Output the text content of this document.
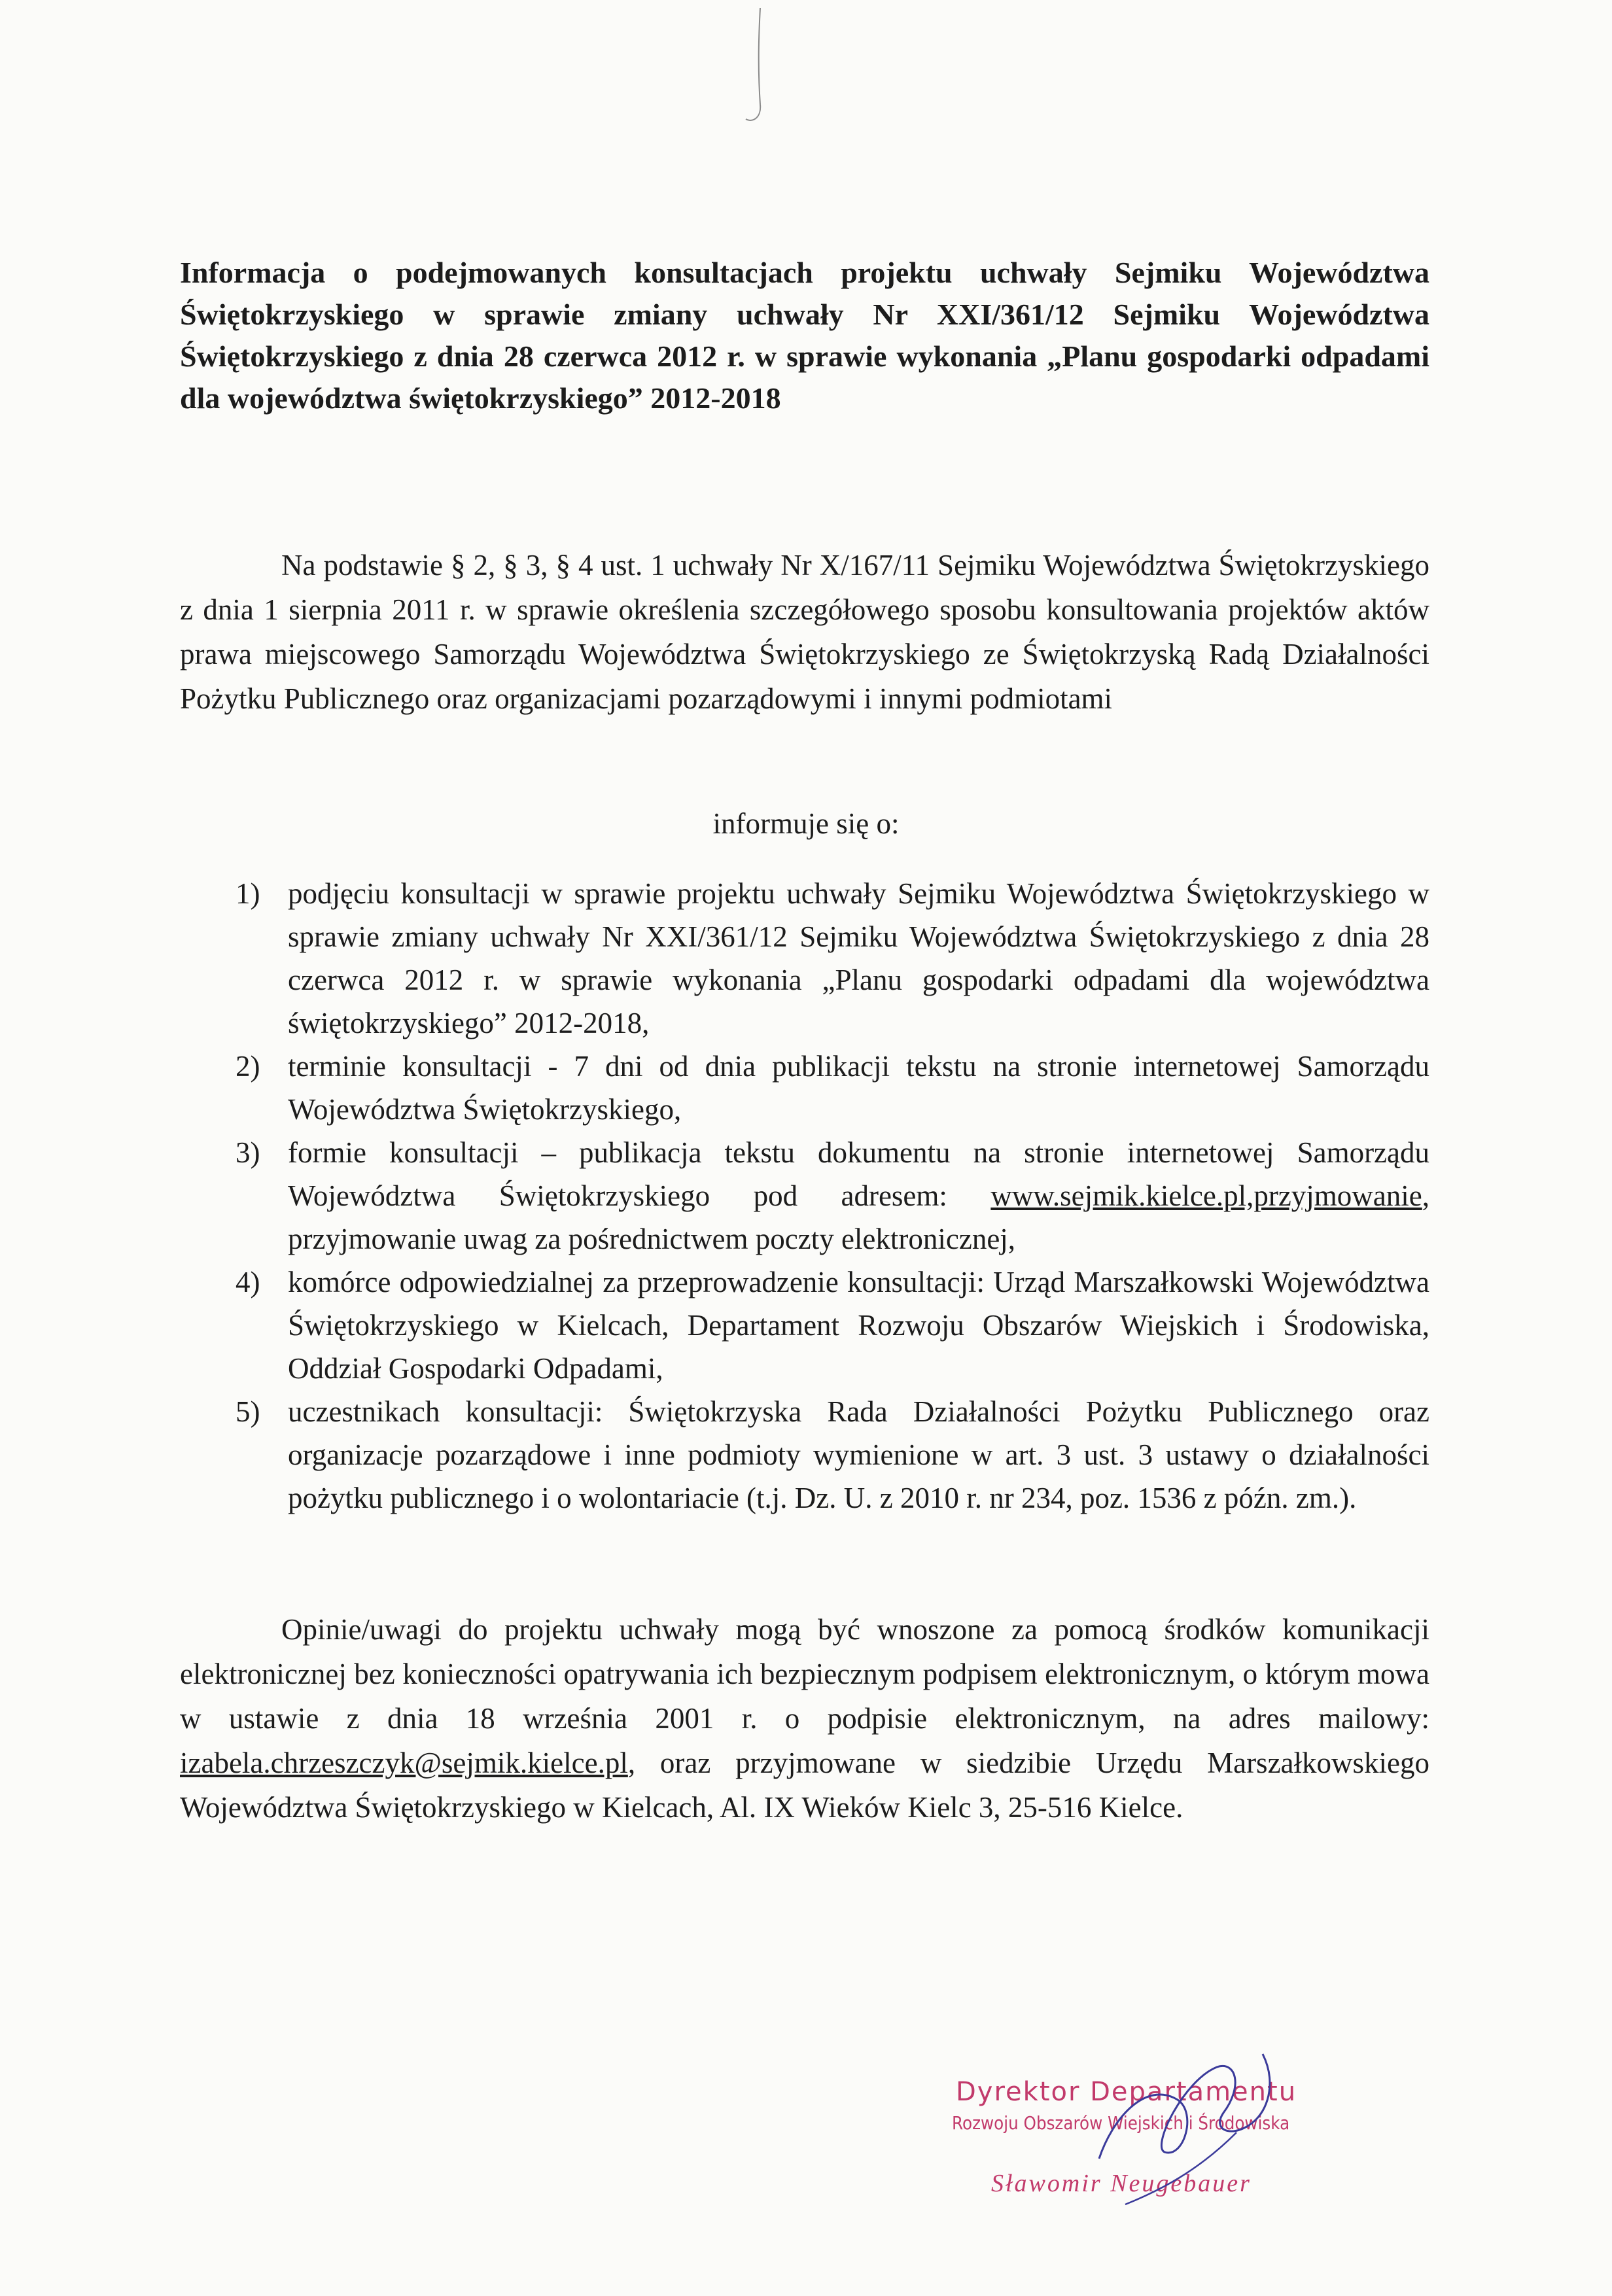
Informacja o podejmowanych konsultacjach projektu uchwały Sejmiku Województwa Świętokrzyskiego w sprawie zmiany uchwały Nr XXI/361/12 Sejmiku Województwa Świętokrzyskiego z dnia 28 czerwca 2012 r. w sprawie wykonania „Planu gospodarki odpadami dla województwa świętokrzyskiego” 2012-2018

Na podstawie § 2, § 3, § 4 ust. 1 uchwały Nr X/167/11 Sejmiku Województwa Świętokrzyskiego z dnia 1 sierpnia 2011 r. w sprawie określenia szczegółowego sposobu konsultowania projektów aktów prawa miejscowego Samorządu Województwa Świętokrzyskiego ze Świętokrzyską Radą Działalności Pożytku Publicznego oraz organizacjami pozarządowymi i innymi podmiotami

informuje się o:

1) podjęciu konsultacji w sprawie projektu uchwały Sejmiku Województwa Świętokrzyskiego w sprawie zmiany uchwały Nr XXI/361/12 Sejmiku Województwa Świętokrzyskiego z dnia 28 czerwca 2012 r. w sprawie wykonania „Planu gospodarki odpadami dla województwa świętokrzyskiego” 2012-2018,
2) terminie konsultacji - 7 dni od dnia publikacji tekstu na stronie internetowej Samorządu Województwa Świętokrzyskiego,
3) formie konsultacji – publikacja tekstu dokumentu na stronie internetowej Samorządu Województwa Świętokrzyskiego pod adresem: www.sejmik.kielce.pl,przyjmowanie, przyjmowanie uwag za pośrednictwem poczty elektronicznej,
4) komórce odpowiedzialnej za przeprowadzenie konsultacji: Urząd Marszałkowski Województwa Świętokrzyskiego w Kielcach, Departament Rozwoju Obszarów Wiejskich i Środowiska, Oddział Gospodarki Odpadami,
5) uczestnikach konsultacji: Świętokrzyska Rada Działalności Pożytku Publicznego oraz organizacje pozarządowe i inne podmioty wymienione w art. 3 ust. 3 ustawy o działalności pożytku publicznego i o wolontariacie (t.j. Dz. U. z 2010 r. nr 234, poz. 1536 z późn. zm.).

Opinie/uwagi do projektu uchwały mogą być wnoszone za pomocą środków komunikacji elektronicznej bez konieczności opatrywania ich bezpiecznym podpisem elektronicznym, o którym mowa w ustawie z dnia 18 września 2001 r. o podpisie elektronicznym, na adres mailowy: izabela.chrzeszczyk@sejmik.kielce.pl, oraz przyjmowane w siedzibie Urzędu Marszałkowskiego Województwa Świętokrzyskiego w Kielcach, Al. IX Wieków Kielc 3, 25-516 Kielce.

Dyrektor Departamentu

Rozwoju Obszarów Wiejskich i Środowiska

Sławomir Neugebauer
